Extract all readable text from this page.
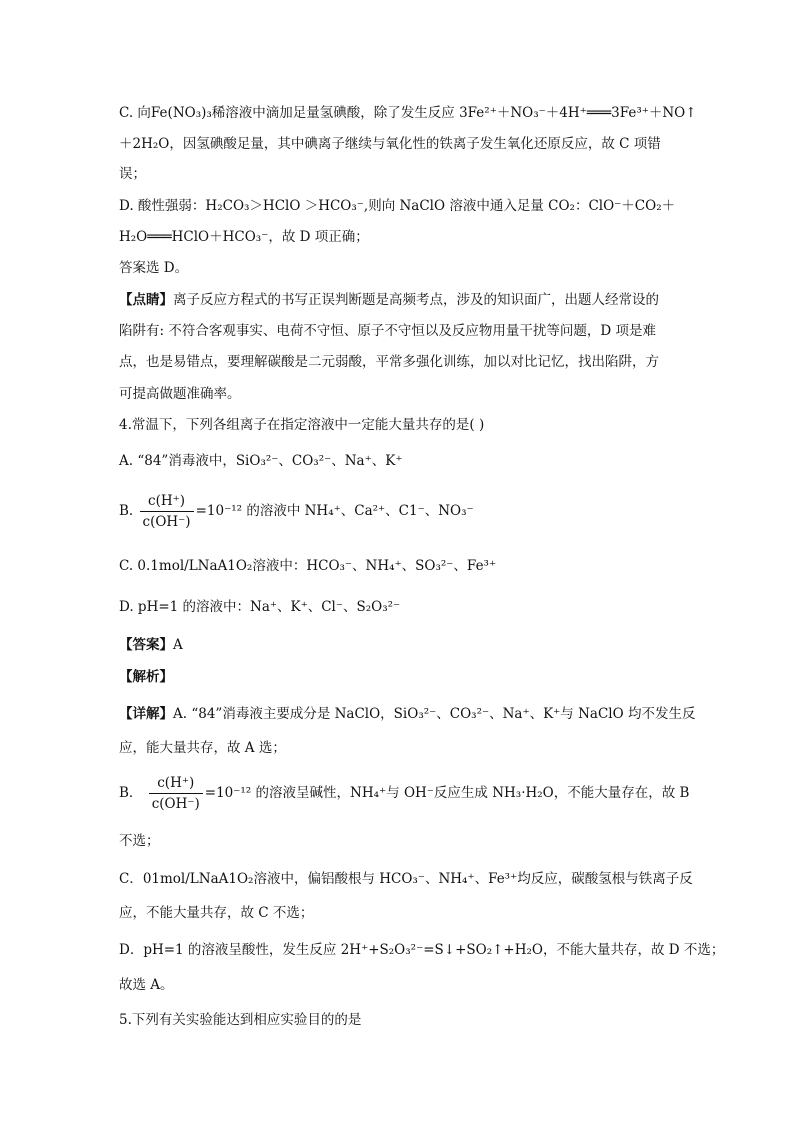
C. 向Fe(NO₃)₃稀溶液中滴加足量氢碘酸，除了发生反应 3Fe²⁺＋NO₃⁻＋4H⁺═══3Fe³⁺＋NO↑
＋2H₂O，因氢碘酸足量，其中碘离子继续与氧化性的铁离子发生氧化还原反应，故 C 项错
误；
D. 酸性强弱：H₂CO₃＞HClO ＞HCO₃⁻,则向 NaClO 溶液中通入足量 CO₂：ClO⁻＋CO₂＋
H₂O═══HClO＋HCO₃⁻，故 D 项正确；
答案选 D。
【点睛】离子反应方程式的书写正误判断题是高频考点，涉及的知识面广，出题人经常设的
陷阱有: 不符合客观事实、电荷不守恒、原子不守恒以及反应物用量干扰等问题，D 项是难
点，也是易错点，要理解碳酸是二元弱酸，平常多强化训练，加以对比记忆，找出陷阱，方
可提高做题准确率。
4.常温下，下列各组离子在指定溶液中一定能大量共存的是( )
A. “84”消毒液中，SiO₃²⁻、CO₃²⁻、Na⁺、K⁺
B. $\frac{c(H^+)}{c(OH^-)} =10^{-12}$ 的溶液中 NH₄⁺、Ca²⁺、C1⁻、NO₃⁻
C. 0.1mol/LNaA1O₂溶液中：HCO₃⁻、NH₄⁺、SO₃²⁻、Fe³⁺
D. pH=1 的溶液中：Na⁺、K⁺、Cl⁻、S₂O₃²⁻
【答案】A
【解析】
【详解】A. “84”消毒液主要成分是 NaClO，SiO₃²⁻、CO₃²⁻、Na⁺、K⁺与 NaClO 均不发生反
应，能大量共存，故 A 选；
B． $\frac{c(H^+)}{c(OH^-)} =10^{-12}$ 的溶液呈碱性，NH₄⁺与 OH⁻反应生成 NH₃·H₂O，不能大量存在，故 B
不选；
C．01mol/LNaA1O₂溶液中，偏铝酸根与 HCO₃⁻、NH₄⁺、Fe³⁺均反应，碳酸氢根与铁离子反
应，不能大量共存，故 C 不选；
D．pH=1 的溶液呈酸性，发生反应 2H⁺+S₂O₃²⁻=S↓+SO₂↑+H₂O，不能大量共存，故 D 不选；
故选 A。
5.下列有关实验能达到相应实验目的的是
